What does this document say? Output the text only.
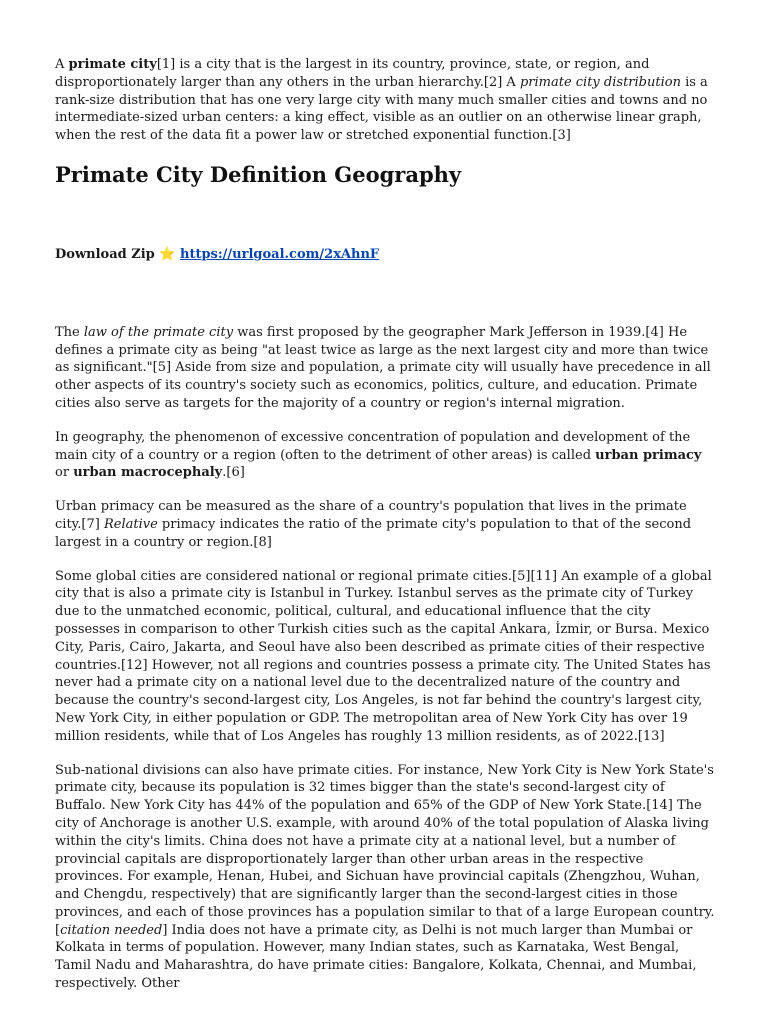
A primate city[1] is a city that is the largest in its country, province, state, or region, and disproportionately larger than any others in the urban hierarchy.[2] A primate city distribution is a rank-size distribution that has one very large city with many much smaller cities and towns and no intermediate-sized urban centers: a king effect, visible as an outlier on an otherwise linear graph, when the rest of the data fit a power law or stretched exponential function.[3]

Primate City Definition Geography
Download Zip ⭐ https://urlgoal.com/2xAhnF

The law of the primate city was first proposed by the geographer Mark Jefferson in 1939.[4] He defines a primate city as being "at least twice as large as the next largest city and more than twice as significant."[5] Aside from size and population, a primate city will usually have precedence in all other aspects of its country's society such as economics, politics, culture, and education. Primate cities also serve as targets for the majority of a country or region's internal migration.

In geography, the phenomenon of excessive concentration of population and development of the main city of a country or a region (often to the detriment of other areas) is called urban primacy or urban macrocephaly.[6]

Urban primacy can be measured as the share of a country's population that lives in the primate city.[7] Relative primacy indicates the ratio of the primate city's population to that of the second largest in a country or region.[8]

Some global cities are considered national or regional primate cities.[5][11] An example of a global city that is also a primate city is Istanbul in Turkey. Istanbul serves as the primate city of Turkey due to the unmatched economic, political, cultural, and educational influence that the city possesses in comparison to other Turkish cities such as the capital Ankara, İzmir, or Bursa. Mexico City, Paris, Cairo, Jakarta, and Seoul have also been described as primate cities of their respective countries.[12] However, not all regions and countries possess a primate city. The United States has never had a primate city on a national level due to the decentralized nature of the country and because the country's second-largest city, Los Angeles, is not far behind the country's largest city, New York City, in either population or GDP. The metropolitan area of New York City has over 19 million residents, while that of Los Angeles has roughly 13 million residents, as of 2022.[13]

Sub-national divisions can also have primate cities. For instance, New York City is New York State's primate city, because its population is 32 times bigger than the state's second-largest city of Buffalo. New York City has 44% of the population and 65% of the GDP of New York State.[14] The city of Anchorage is another U.S. example, with around 40% of the total population of Alaska living within the city's limits. China does not have a primate city at a national level, but a number of provincial capitals are disproportionately larger than other urban areas in the respective provinces. For example, Henan, Hubei, and Sichuan have provincial capitals (Zhengzhou, Wuhan, and Chengdu, respectively) that are significantly larger than the second-largest cities in those provinces, and each of those provinces has a population similar to that of a large European country.[citation needed] India does not have a primate city, as Delhi is not much larger than Mumbai or Kolkata in terms of population. However, many Indian states, such as Karnataka, West Bengal, Tamil Nadu and Maharashtra, do have primate cities: Bangalore, Kolkata, Chennai, and Mumbai, respectively. Other
